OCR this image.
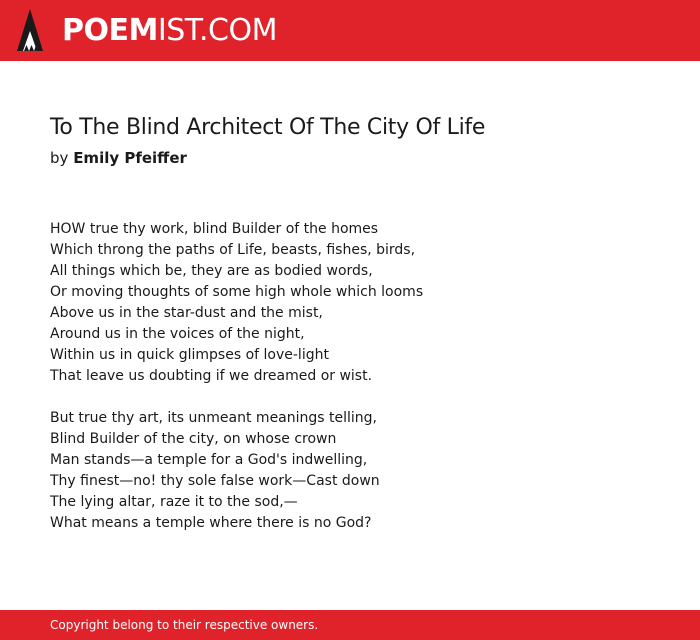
POEMIST.COM
To The Blind Architect Of The City Of Life
by Emily Pfeiffer
HOW true thy work, blind Builder of the homes
Which throng the paths of Life, beasts, fishes, birds,
All things which be, they are as bodied words,
Or moving thoughts of some high whole which looms
Above us in the star-dust and the mist,
Around us in the voices of the night,
Within us in quick glimpses of love-light
That leave us doubting if we dreamed or wist.
But true thy art, its unmeant meanings telling,
Blind Builder of the city, on whose crown
Man stands—a temple for a God's indwelling,
Thy finest—no! thy sole false work—Cast down
The lying altar, raze it to the sod,—
What means a temple where there is no God?
Copyright belong to their respective owners.
